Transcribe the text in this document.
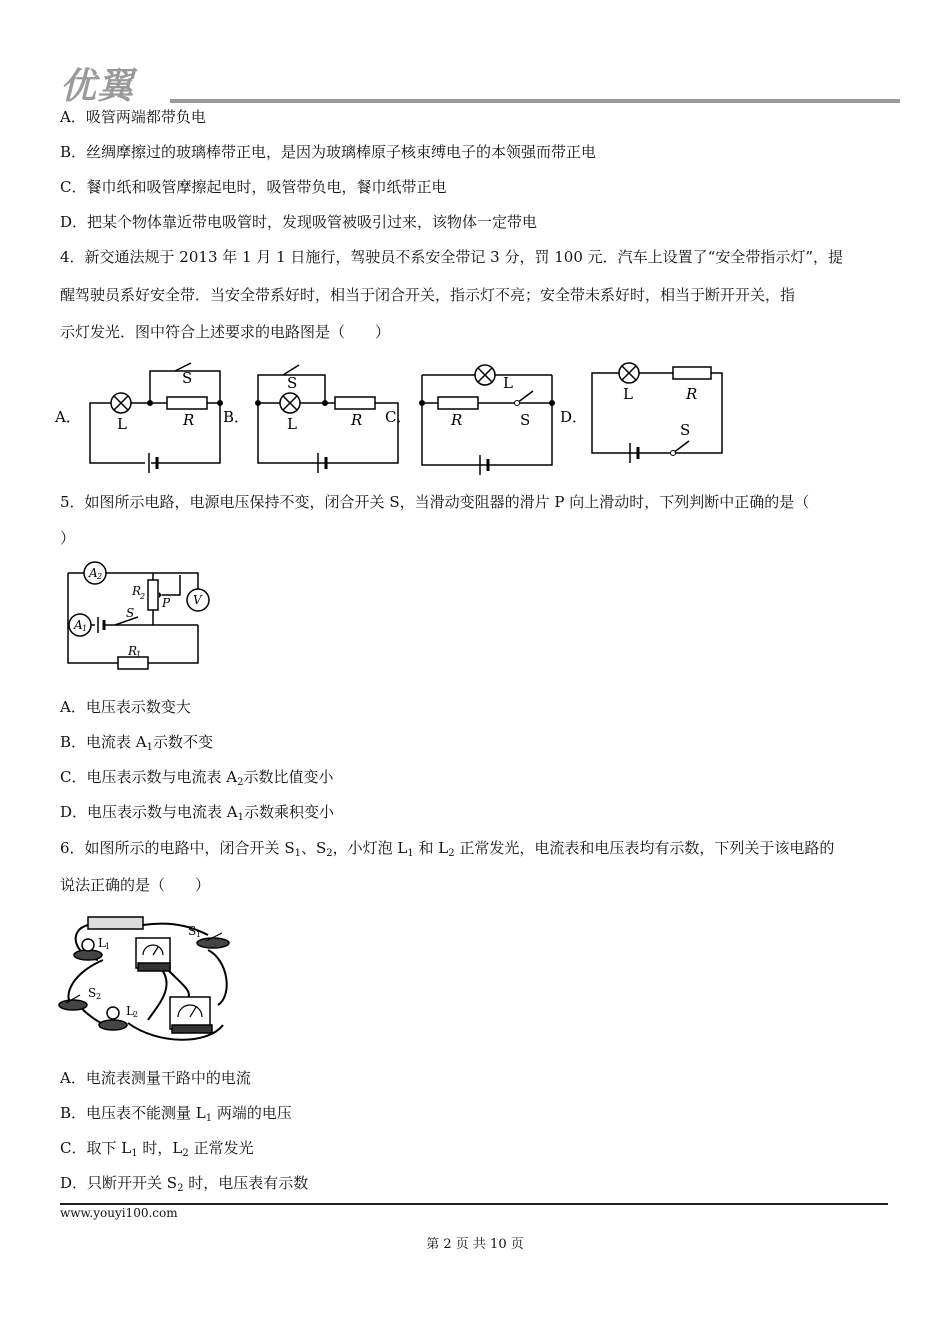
优翼
A．吸管两端都带负电
B．丝绸摩擦过的玻璃棒带正电，是因为玻璃棒原子核束缚电子的本领强而带正电
C．餐巾纸和吸管摩擦起电时，吸管带负电，餐巾纸带正电
D．把某个物体靠近带电吸管时，发现吸管被吸引过来，该物体一定带电
4．新交通法规于 2013 年 1 月 1 日施行，驾驶员不系安全带记 3 分，罚 100 元．汽车上设置了“安全带指示灯”，提
醒驾驶员系好安全带．当安全带系好时，相当于闭合开关，指示灯不亮；安全带未系好时，相当于断开开关，指
示灯发光．图中符合上述要求的电路图是（　　）
A．	B．	C．	D．
L	R
S
L	R
S	L
R	S
L	R
S
5．如图所示电路，电源电压保持不变，闭合开关 S，当滑动变阻器的滑片 P 向上滑动时，下列判断中正确的是（
）
A 2
A 1
V
R
2 P
S
R
1
A．电压表示数变大
B．电流表 $A_1$示数不变
C．电压表示数与电流表 $A_2$示数比值变小
D．电压表示数与电流表 $A_1$示数乘积变小
6．如图所示的电路中，闭合开关 $S_1$、$S_2$，小灯泡 $L_1$ 和 $L_2$ 正常发光，电流表和电压表均有示数，下列关于该电路的
说法正确的是（　　）
S 1
L 1
S 2
L 2
A．电流表测量干路中的电流
B．电压表不能测量 $L_1$ 两端的电压
C．取下 $L_1$ 时，$L_2$ 正常发光
D．只断开开关 $S_2$ 时，电压表有示数
www.youyi100.com
第 2 页 共 10 页
